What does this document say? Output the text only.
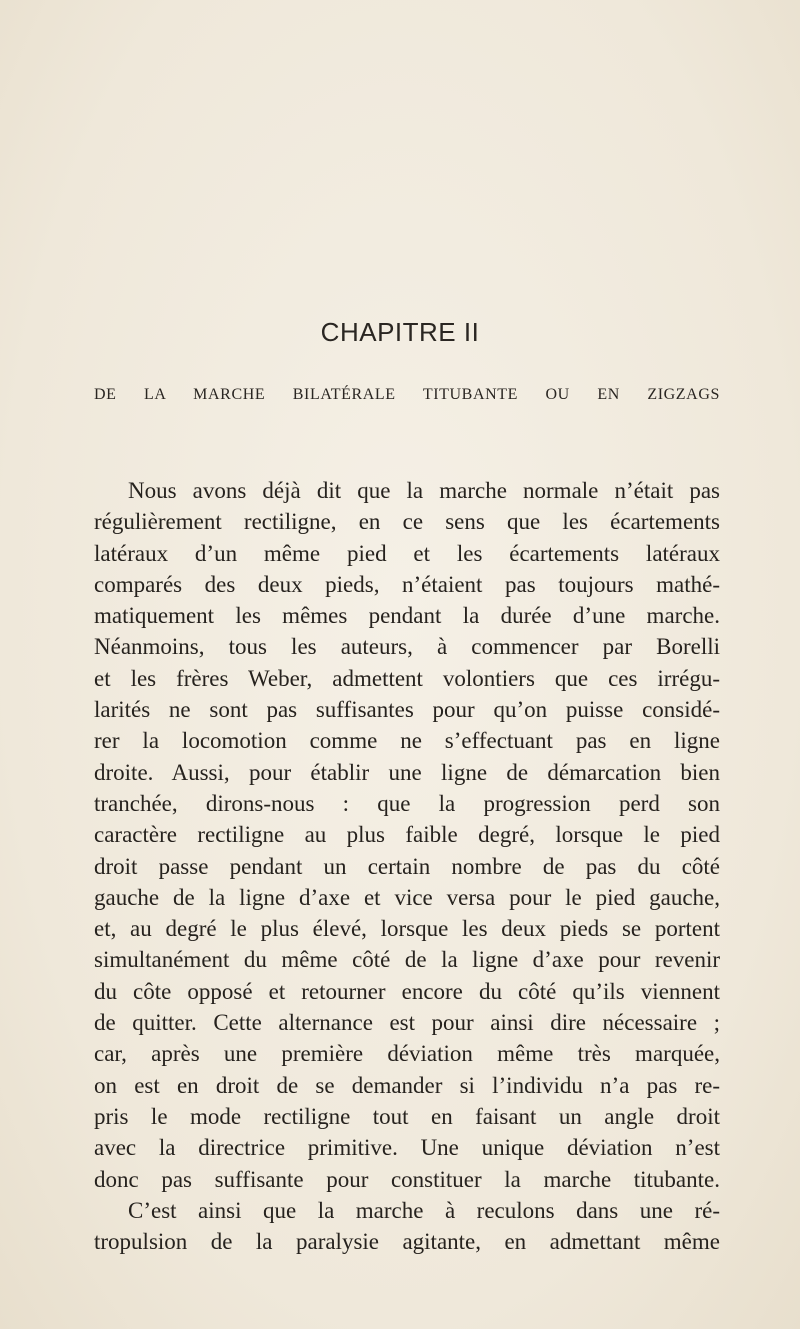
CHAPITRE II
DE LA MARCHE BILATÉRALE TITUBANTE OU EN ZIGZAGS
Nous avons déjà dit que la marche normale n’était pas
régulièrement rectiligne, en ce sens que les écartements
latéraux d’un même pied et les écartements latéraux
comparés des deux pieds, n’étaient pas toujours mathé-
matiquement les mêmes pendant la durée d’une marche.
Néanmoins, tous les auteurs, à commencer par Borelli
et les frères Weber, admettent volontiers que ces irrégu-
larités ne sont pas suffisantes pour qu’on puisse considé-
rer la locomotion comme ne s’effectuant pas en ligne
droite. Aussi, pour établir une ligne de démarcation bien
tranchée, dirons-nous : que la progression perd son
caractère rectiligne au plus faible degré, lorsque le pied
droit passe pendant un certain nombre de pas du côté
gauche de la ligne d’axe et vice versa pour le pied gauche,
et, au degré le plus élevé, lorsque les deux pieds se portent
simultanément du même côté de la ligne d’axe pour revenir
du côte opposé et retourner encore du côté qu’ils viennent
de quitter. Cette alternance est pour ainsi dire nécessaire ;
car, après une première déviation même très marquée,
on est en droit de se demander si l’individu n’a pas re-
pris le mode rectiligne tout en faisant un angle droit
avec la directrice primitive. Une unique déviation n’est
donc pas suffisante pour constituer la marche titubante.
C’est ainsi que la marche à reculons dans une ré-
tropulsion de la paralysie agitante, en admettant même
